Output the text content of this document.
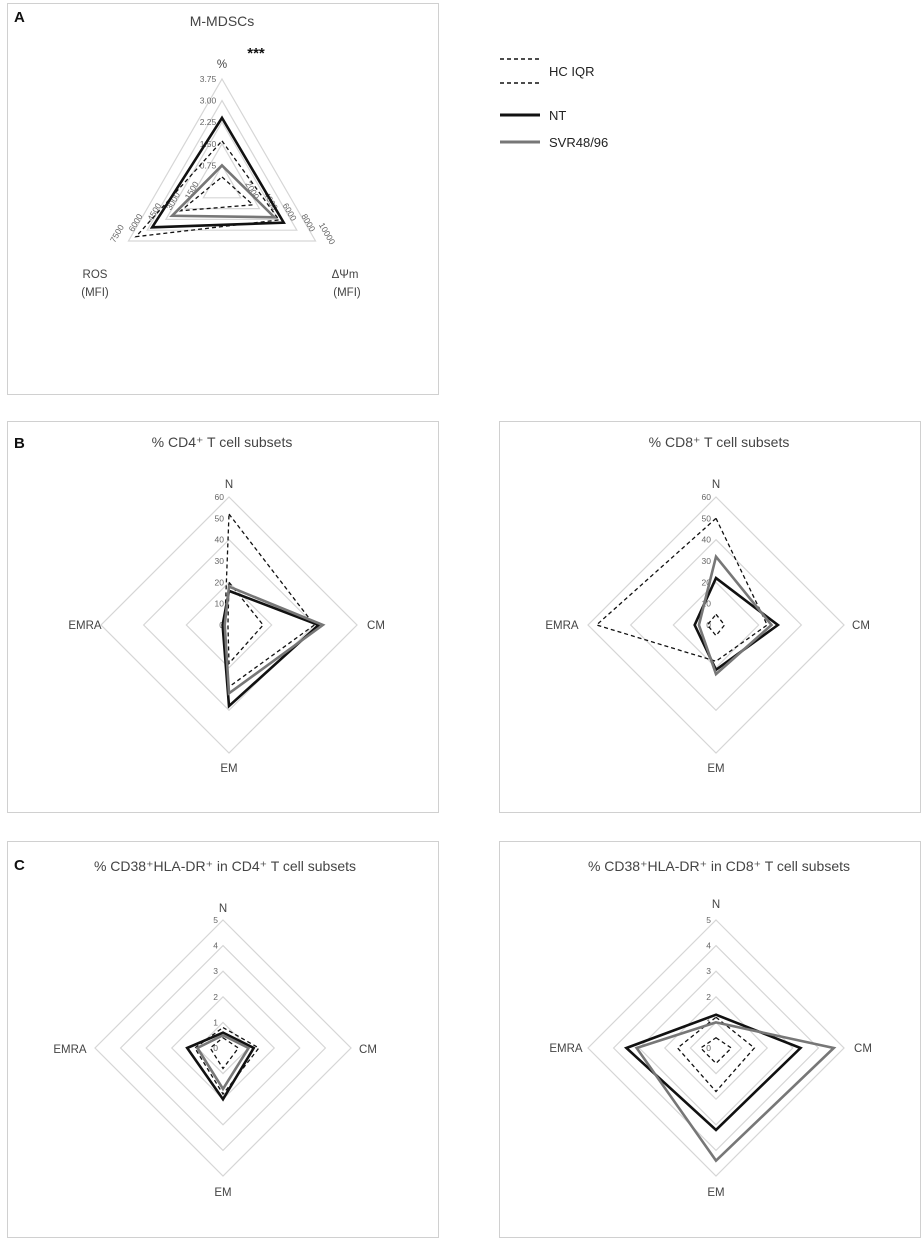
A
B
C
HC IQR
NT
SVR48/96
M-MDSCs
***
0.75
1.50
2.25
3.00
3.75
2000
4000
6000
8000 10000
1500
3000
4500
6000
7500
%
ΔΨm
(MFI)
ROS
(MFI)
% CD4⁺ T cell subsets
0
10
20
30
40
50
60
N
CM
EM
EMRA
% CD8⁺ T cell subsets
0
10
20
30
40
50
60
N
CM
EM
EMRA
% CD38⁺HLA-DR⁺ in CD4⁺ T cell subsets
0
1
2
3
4
5
N
CM
EM
EMRA
% CD38⁺HLA-DR⁺ in CD8⁺ T cell subsets
0
1
2
3
4
5
N
CM
EM
EMRA
